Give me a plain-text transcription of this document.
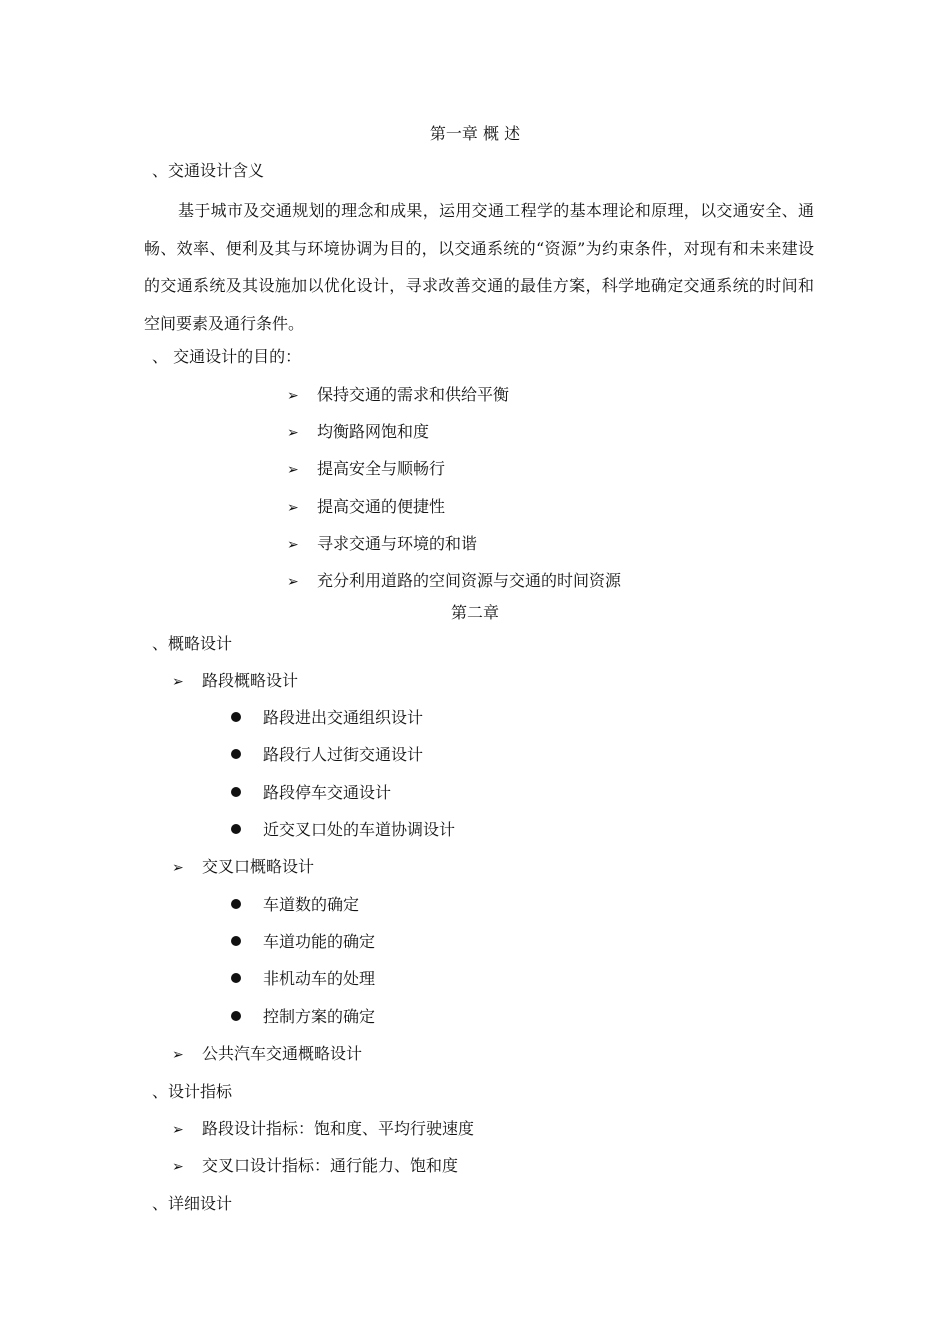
第一章 概 述
、交通设计含义
基于城市及交通规划的理念和成果，运用交通工程学的基本理论和原理，以交通安全、通畅、效率、便利及其与环境协调为目的，以交通系统的“资源”为约束条件，对现有和未来建设的交通系统及其设施加以优化设计，寻求改善交通的最佳方案，科学地确定交通系统的时间和空间要素及通行条件。
、 交通设计的目的：
➢ 保持交通的需求和供给平衡
➢ 均衡路网饱和度
➢ 提高安全与顺畅行
➢ 提高交通的便捷性
➢ 寻求交通与环境的和谐
➢ 充分利用道路的空间资源与交通的时间资源
第二章
、概略设计
➢ 路段概略设计
路段进出交通组织设计
路段行人过街交通设计
路段停车交通设计
近交叉口处的车道协调设计
➢ 交叉口概略设计
车道数的确定
车道功能的确定
非机动车的处理
控制方案的确定
➢ 公共汽车交通概略设计
、设计指标
➢ 路段设计指标：饱和度、平均行驶速度
➢ 交叉口设计指标：通行能力、饱和度
、详细设计
